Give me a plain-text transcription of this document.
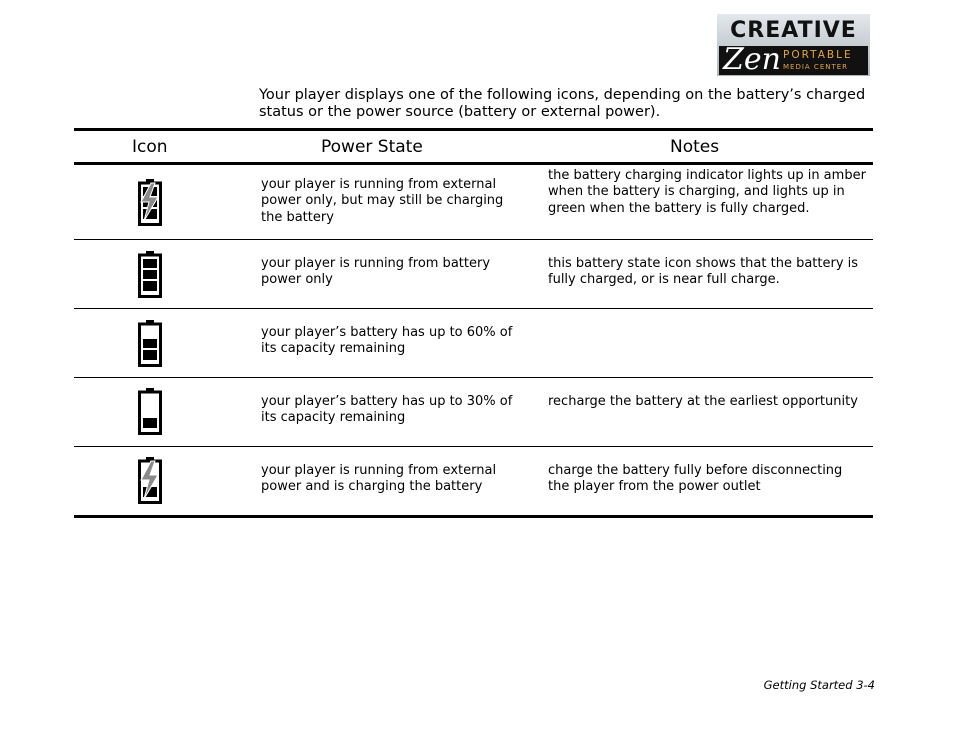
CREATIVE
Zen PORTABLE
MEDIA CENTER
Your player displays one of the following icons, depending on the battery’s charged status or the power source (battery or external power).
Icon	Power State	Notes
your player is running from external power only, but may still be charging the battery
the battery charging indicator lights up in amber when the battery is charging, and lights up in green when the battery is fully charged.
your player is running from battery power only
this battery state icon shows that the battery is fully charged, or is near full charge.
your player’s battery has up to 60% of its capacity remaining
your player’s battery has up to 30% of its capacity remaining
recharge the battery at the earliest opportunity
your player is running from external power and is charging the battery
charge the battery fully before disconnecting the player from the power outlet
Getting Started 3-4
